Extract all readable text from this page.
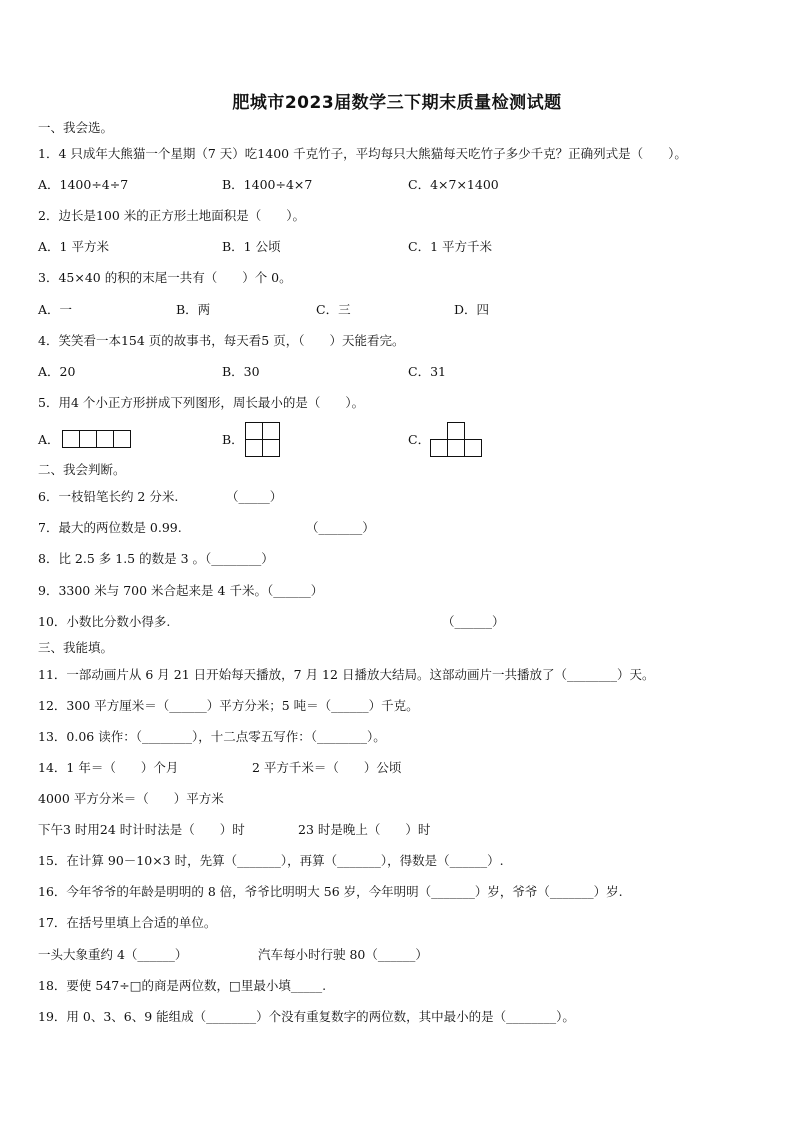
肥城市2023届数学三下期末质量检测试题
一、我会选。
1．4 只成年大熊猫一个星期（7 天）吃1400 千克竹子，平均每只大熊猫每天吃竹子多少千克？正确列式是（　　）。
A．1400÷4÷7	B．1400÷4×7	C．4×7×1400
2．边长是100 米的正方形土地面积是（　　）。
A．1 平方米	B．1 公顷	C．1 平方千米
3．45×40 的积的末尾一共有（　　）个 0。
A．一	B．两	C．三	D．四
4．笑笑看一本154 页的故事书，每天看5 页，（　　）天能看完。
A．20	B．30	C．31
5．用4 个小正方形拼成下列图形，周长最小的是（　　）。
A．	B．	C．
二、我会判断。
6．一枝铅笔长约 2 分米.	（_____）
7．最大的两位数是 0.99.	（_______）
8．比 2.5 多 1.5 的数是 3 。（________）
9．3300 米与 700 米合起来是 4 千米。（______）
10．小数比分数小得多.	（______）
三、我能填。
11．一部动画片从 6 月 21 日开始每天播放，7 月 12 日播放大结局。这部动画片一共播放了（________）天。
12．300 平方厘米＝（______）平方分米；5 吨＝（______）千克。
13．0.06 读作：（________），十二点零五写作：（________）。
14．1 年＝（　　）个月	2 平方千米＝（　　）公顷
4000 平方分米＝（　　）平方米
下午3 时用24 时计时法是（　　）时	23 时是晚上（　　）时
15．在计算 90－10×3 时，先算（_______），再算（_______），得数是（______）.
16．今年爷爷的年龄是明明的 8 倍，爷爷比明明大 56 岁，今年明明（_______）岁，爷爷（_______）岁.
17．在括号里填上合适的单位。
一头大象重约 4（______）	汽车每小时行驶 80（______）
18．要使 547÷□的商是两位数，□里最小填_____.
19．用 0、3、6、9 能组成（________）个没有重复数字的两位数，其中最小的是（________）。
